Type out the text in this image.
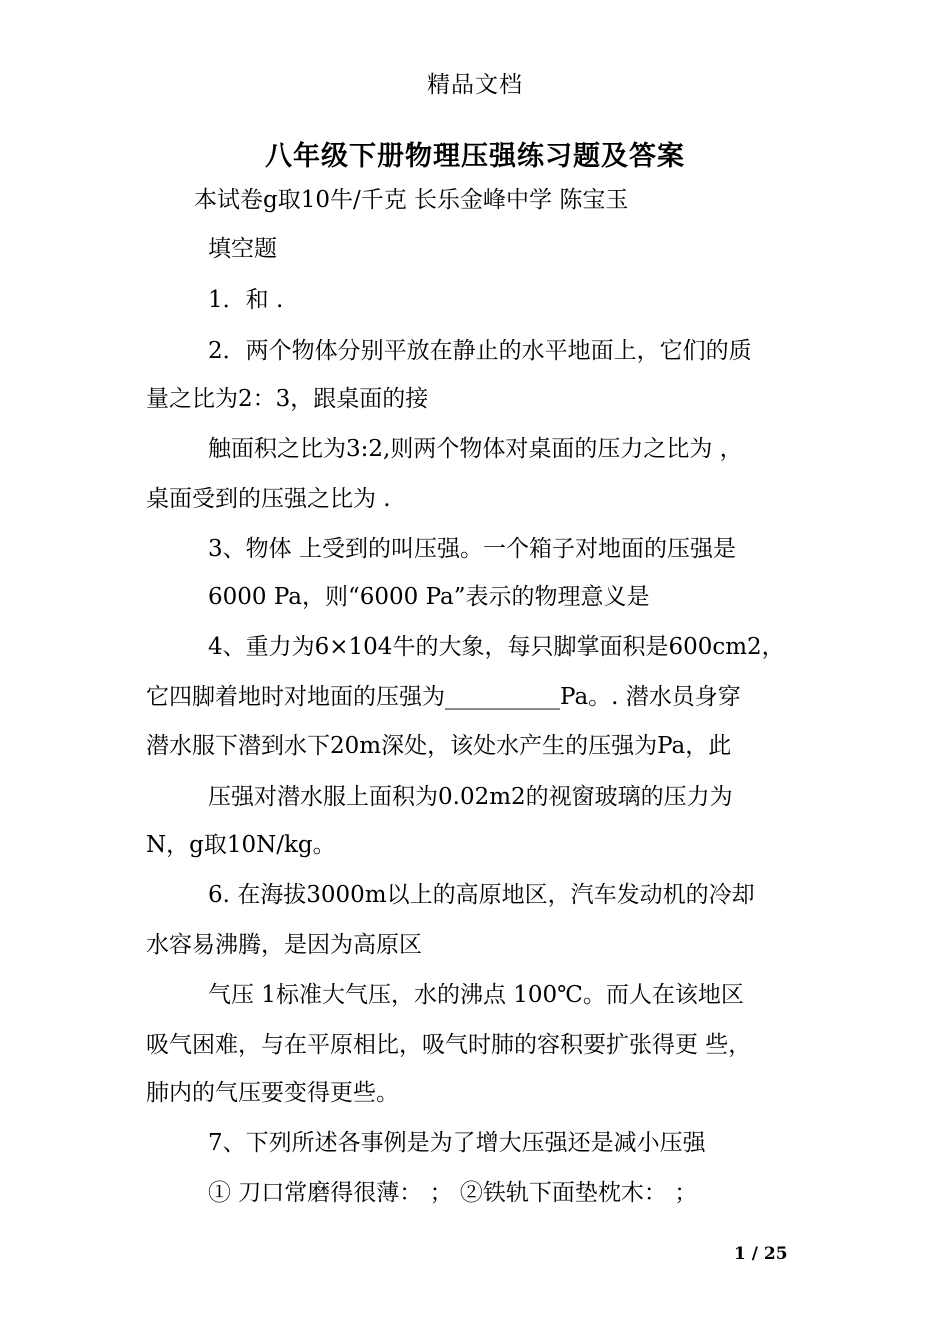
精品文档
八年级下册物理压强练习题及答案
本试卷g取10牛/千克 长乐金峰中学 陈宝玉
填空题
1．和 .
2．两个物体分别平放在静止的水平地面上，它们的质
量之比为2：3，跟桌面的接
触面积之比为3:2,则两个物体对桌面的压力之比为 ，
桌面受到的压强之比为 .
3、物体 上受到的叫压强。一个箱子对地面的压强是
6000 Pa，则“6000 Pa”表示的物理意义是
4、重力为6×104牛的大象，每只脚掌面积是600cm2，
它四脚着地时对地面的压强为__________Pa。. 潜水员身穿
潜水服下潜到水下20m深处，该处水产生的压强为Pa，此
压强对潜水服上面积为0.02m2的视窗玻璃的压力为
N，g取10N/kg。
6. 在海拔3000m以上的高原地区，汽车发动机的冷却
水容易沸腾，是因为高原区
气压 1标准大气压，水的沸点 100℃。而人在该地区
吸气困难，与在平原相比，吸气时肺的容积要扩张得更 些，
肺内的气压要变得更些。
7、下列所述各事例是为了增大压强还是减小压强
① 刀口常磨得很薄： ； ②铁轨下面垫枕木： ；
1 / 25
